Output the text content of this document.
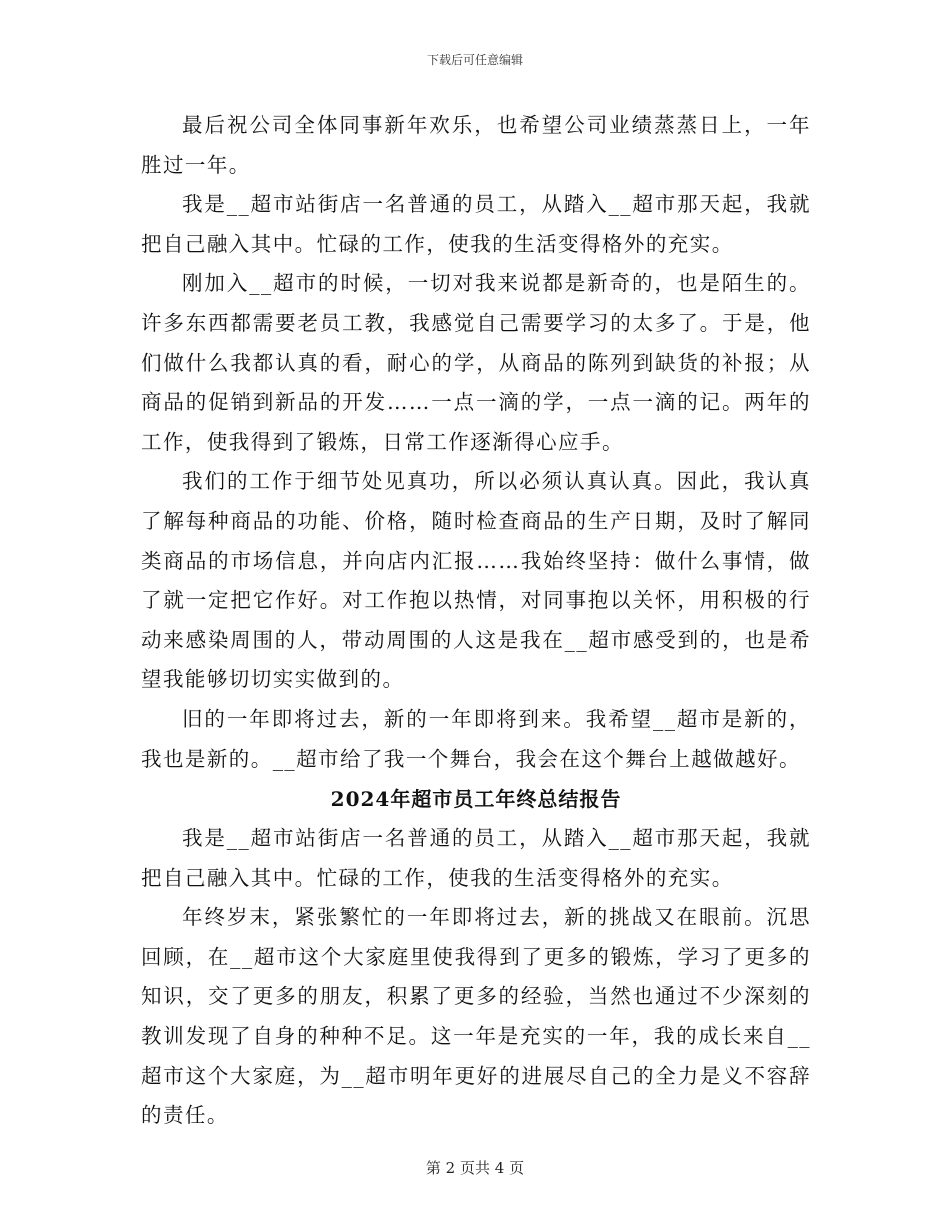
下载后可任意编辑

最后祝公司全体同事新年欢乐，也希望公司业绩蒸蒸日上，一年胜过一年。

我是__超市站街店一名普通的员工，从踏入__超市那天起，我就把自己融入其中。忙碌的工作，使我的生活变得格外的充实。

刚加入__超市的时候，一切对我来说都是新奇的，也是陌生的。许多东西都需要老员工教，我感觉自己需要学习的太多了。于是，他们做什么我都认真的看，耐心的学，从商品的陈列到缺货的补报；从商品的促销到新品的开发……一点一滴的学，一点一滴的记。两年的工作，使我得到了锻炼，日常工作逐渐得心应手。

我们的工作于细节处见真功，所以必须认真认真。因此，我认真了解每种商品的功能、价格，随时检查商品的生产日期，及时了解同类商品的市场信息，并向店内汇报……我始终坚持：做什么事情，做了就一定把它作好。对工作抱以热情，对同事抱以关怀，用积极的行动来感染周围的人，带动周围的人这是我在__超市感受到的，也是希望我能够切切实实做到的。

旧的一年即将过去，新的一年即将到来。我希望__超市是新的，我也是新的。__超市给了我一个舞台，我会在这个舞台上越做越好。

2024年超市员工年终总结报告

我是__超市站街店一名普通的员工，从踏入__超市那天起，我就把自己融入其中。忙碌的工作，使我的生活变得格外的充实。

年终岁末，紧张繁忙的一年即将过去，新的挑战又在眼前。沉思回顾，在__超市这个大家庭里使我得到了更多的锻炼，学习了更多的知识，交了更多的朋友，积累了更多的经验，当然也通过不少深刻的教训发现了自身的种种不足。这一年是充实的一年，我的成长来自__超市这个大家庭，为__超市明年更好的进展尽自己的全力是义不容辞的责任。

第 2 页共 4 页
